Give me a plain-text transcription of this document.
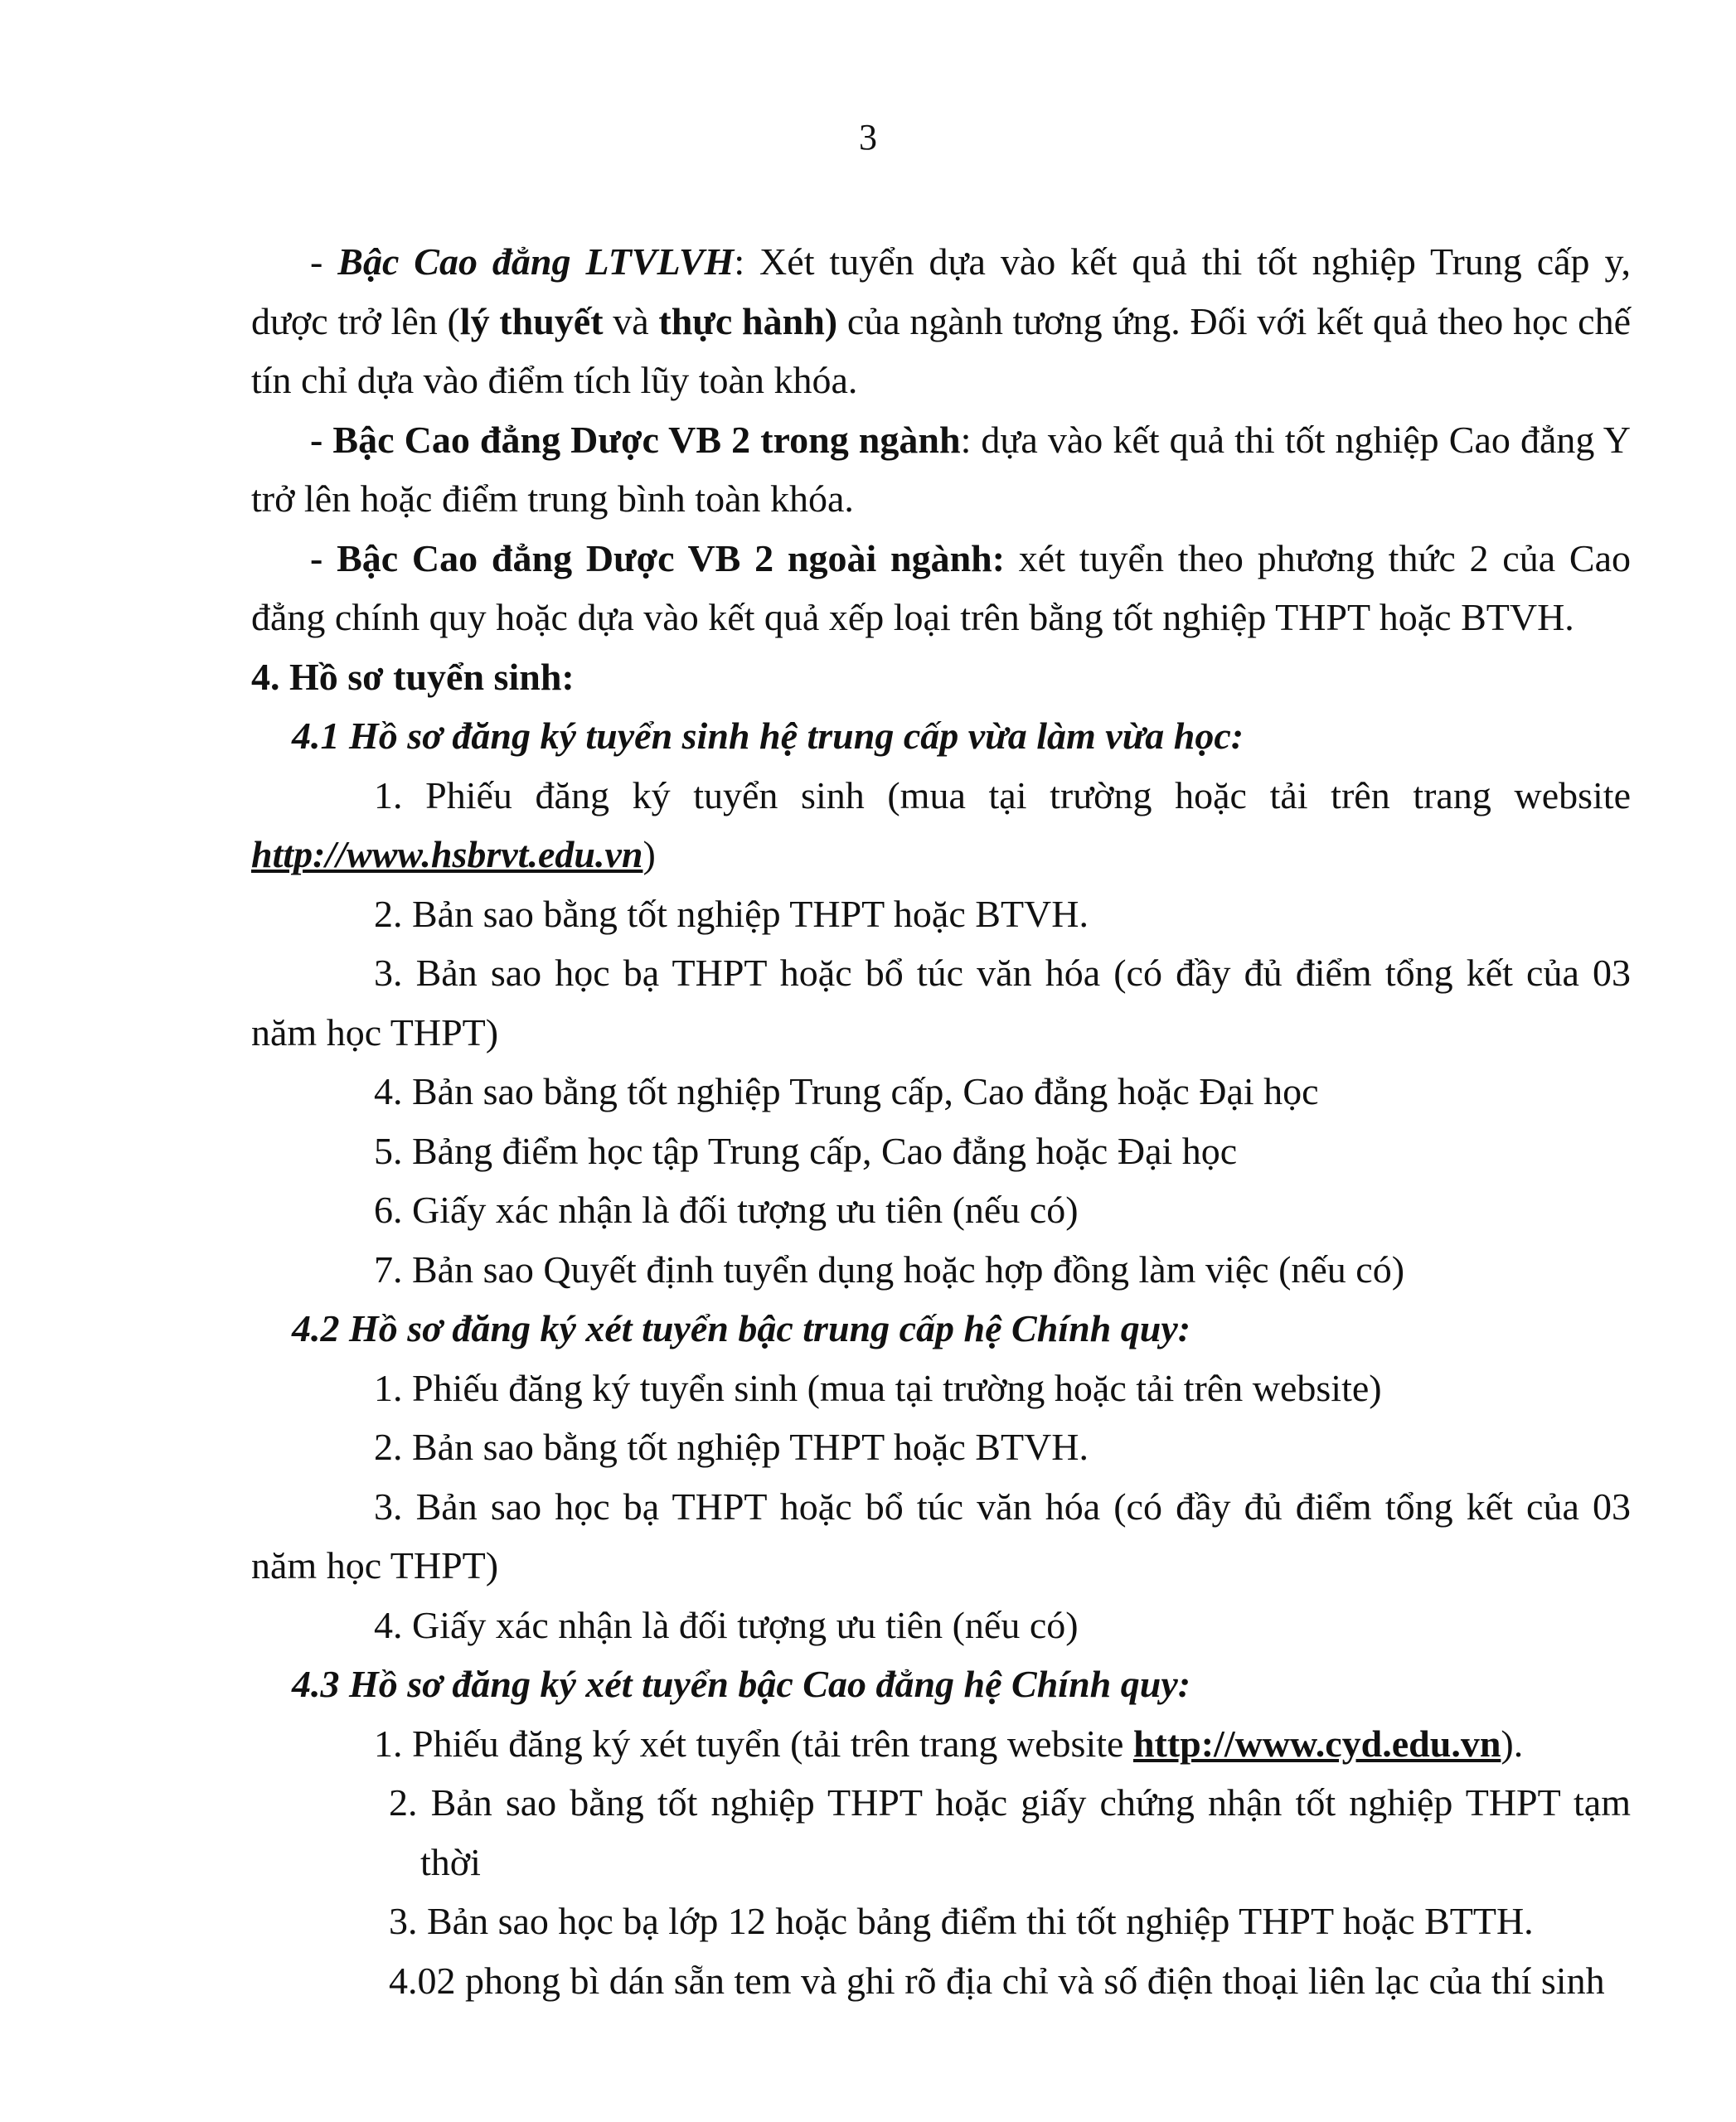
3

- Bậc Cao đẳng LTVLVH: Xét tuyển dựa vào kết quả thi tốt nghiệp Trung cấp y, dược trở lên (lý thuyết và thực hành) của ngành tương ứng. Đối với kết quả theo học chế tín chỉ dựa vào điểm tích lũy toàn khóa.

- Bậc Cao đẳng Dược VB 2 trong ngành: dựa vào kết quả thi tốt nghiệp Cao đẳng Y trở lên hoặc điểm trung bình toàn khóa.

- Bậc Cao đẳng Dược VB 2 ngoài ngành: xét tuyển theo phương thức 2 của Cao đẳng chính quy hoặc dựa vào kết quả xếp loại trên bằng tốt nghiệp THPT hoặc BTVH.

4. Hồ sơ tuyển sinh:

4.1 Hồ sơ đăng ký tuyển sinh hệ trung cấp vừa làm vừa học:

1. Phiếu đăng ký tuyển sinh (mua tại trường hoặc tải trên trang website http://www.hsbrvt.edu.vn)

2. Bản sao bằng tốt nghiệp THPT hoặc BTVH.

3. Bản sao học bạ THPT hoặc bổ túc văn hóa (có đầy đủ điểm tổng kết của 03 năm học THPT)

4. Bản sao bằng tốt nghiệp Trung cấp, Cao đẳng hoặc Đại học

5. Bảng điểm học tập Trung cấp, Cao đẳng hoặc Đại học

6. Giấy xác nhận là đối tượng ưu tiên (nếu có)

7. Bản sao Quyết định tuyển dụng hoặc hợp đồng làm việc (nếu có)

4.2 Hồ sơ đăng ký xét tuyển bậc trung cấp hệ Chính quy:

1. Phiếu đăng ký tuyển sinh (mua tại trường hoặc tải trên website)

2. Bản sao bằng tốt nghiệp THPT hoặc BTVH.

3. Bản sao học bạ THPT hoặc bổ túc văn hóa (có đầy đủ điểm tổng kết của 03 năm học THPT)

4. Giấy xác nhận là đối tượng ưu tiên (nếu có)

4.3 Hồ sơ đăng ký xét tuyển bậc Cao đẳng hệ Chính quy:

1. Phiếu đăng ký xét tuyển (tải trên trang website http://www.cyd.edu.vn).

2. Bản sao bằng tốt nghiệp THPT hoặc giấy chứng nhận tốt nghiệp THPT tạm thời

3. Bản sao học bạ lớp 12 hoặc bảng điểm thi tốt nghiệp THPT hoặc BTTH.

4.02 phong bì dán sẵn tem và ghi rõ địa chỉ và số điện thoại liên lạc của thí sinh
